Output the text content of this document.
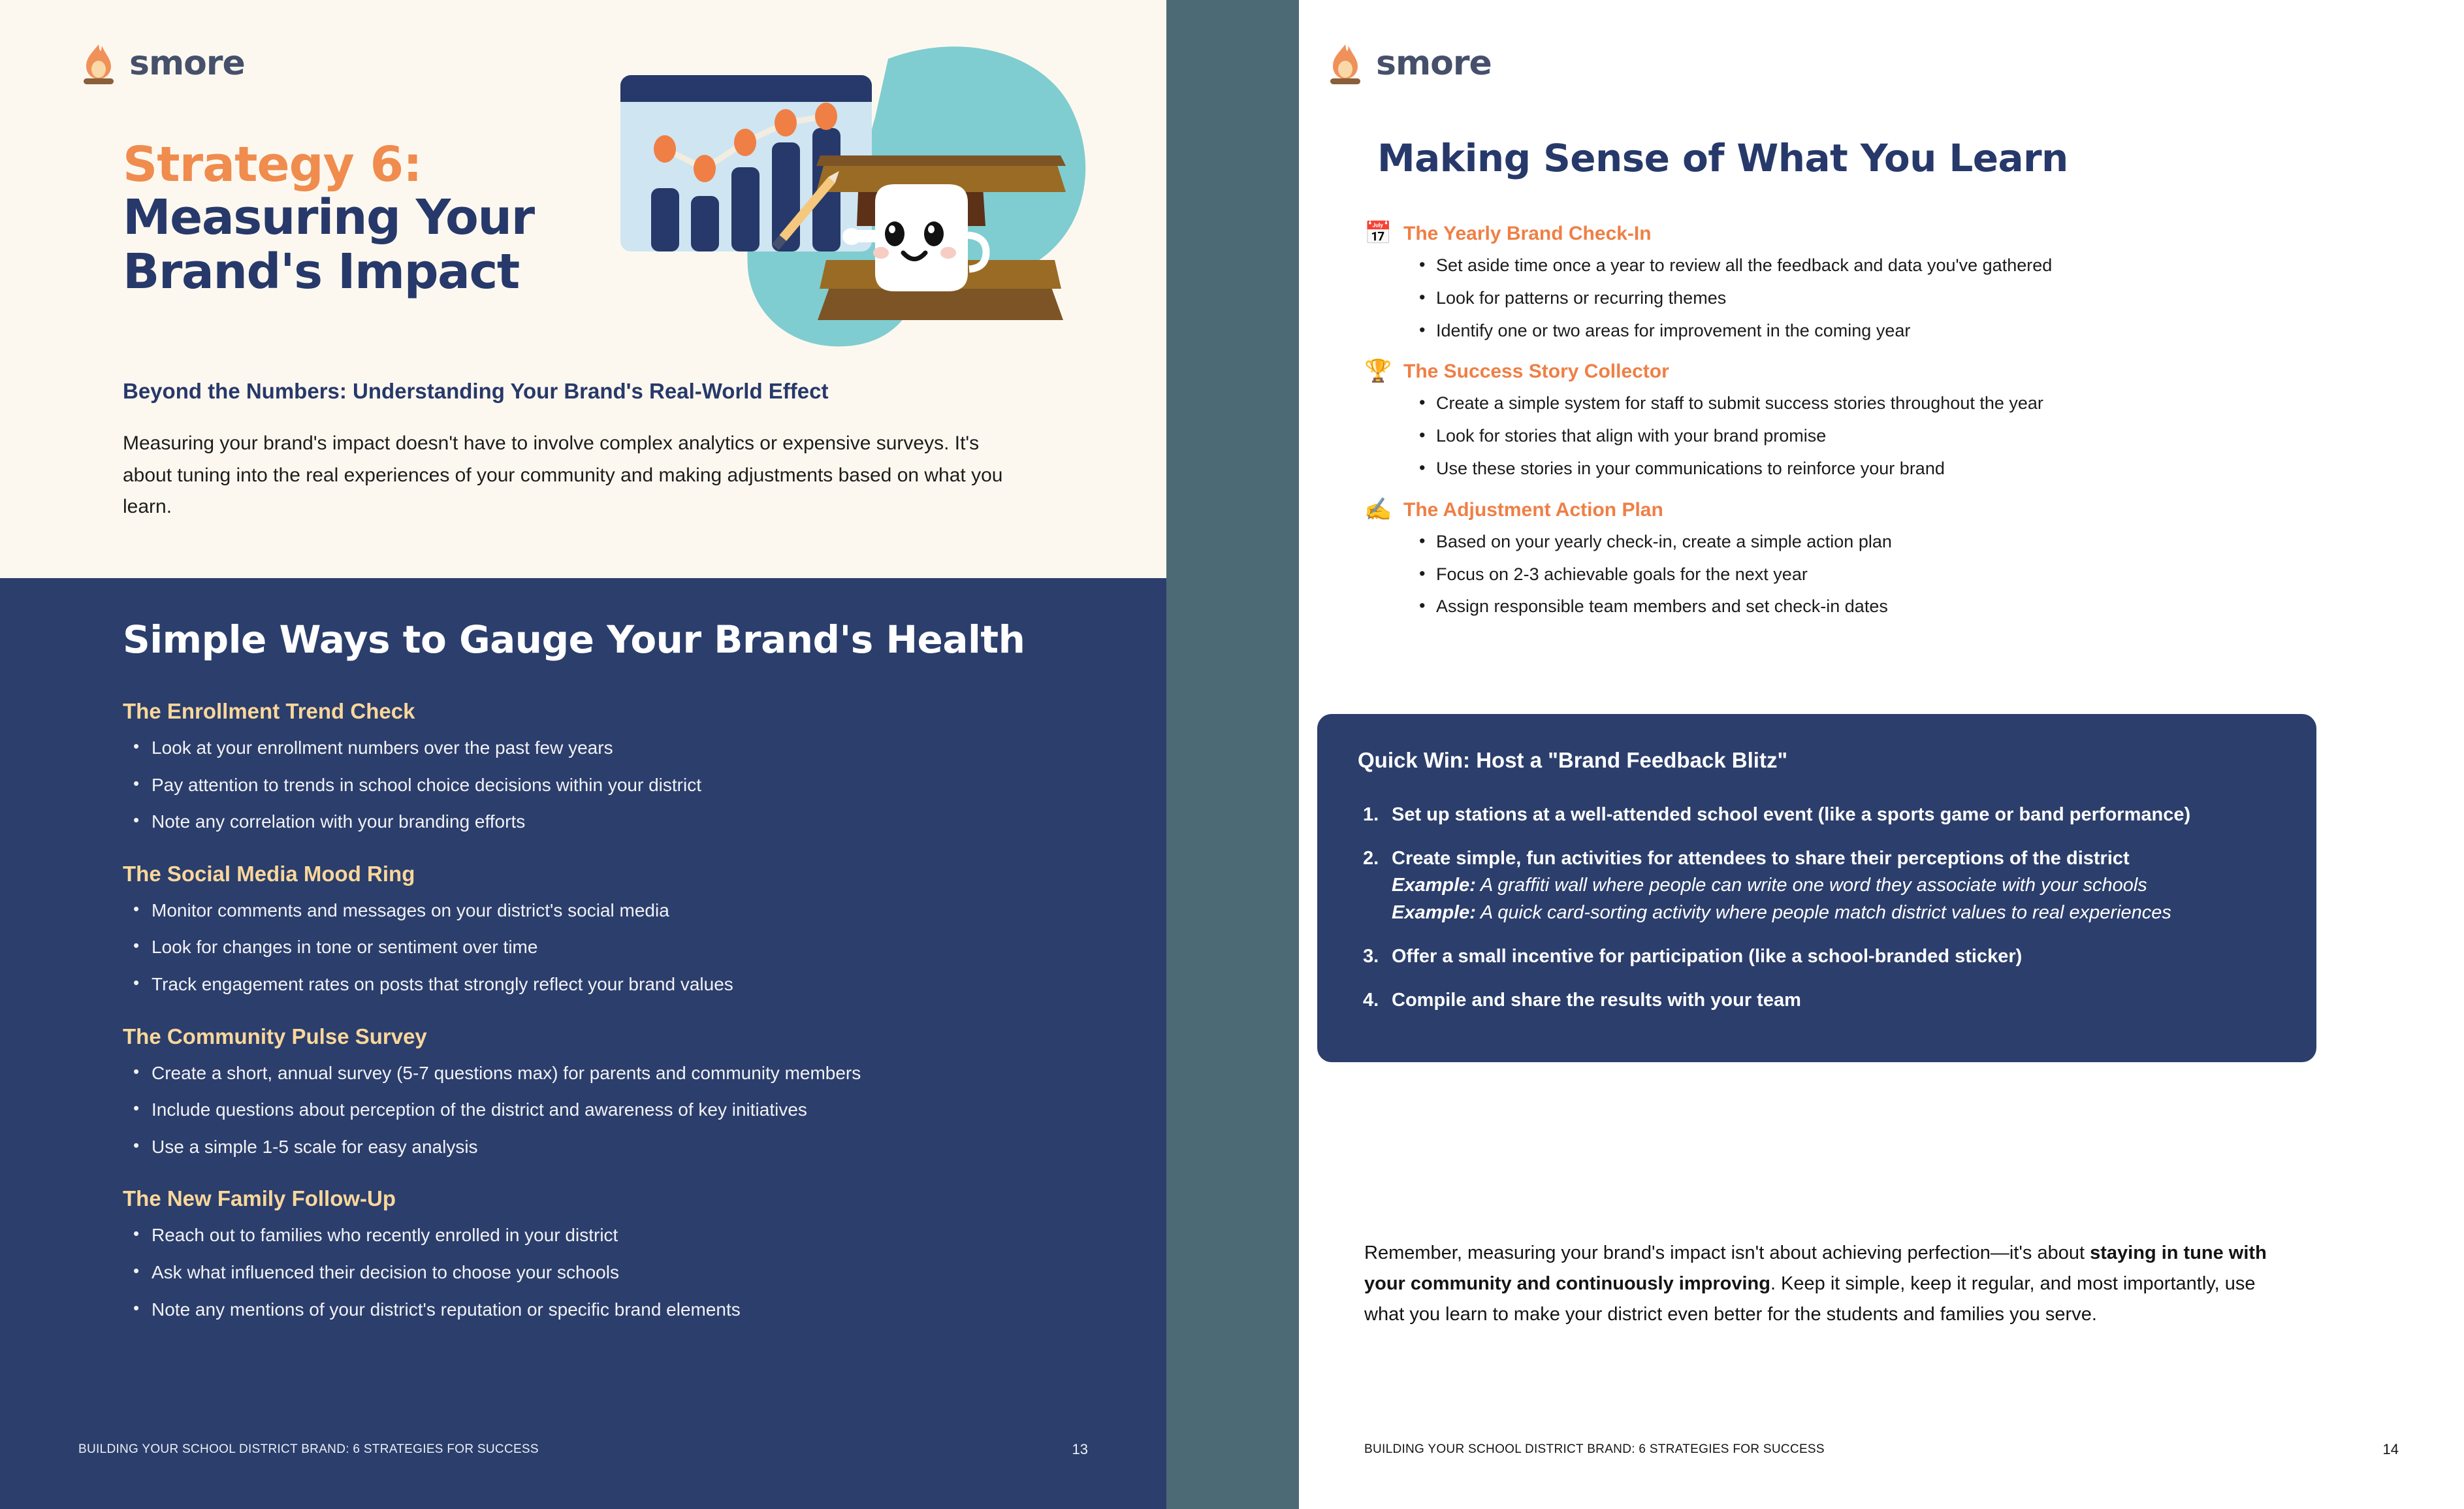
smore
Strategy 6:
Measuring Your
Brand's Impact
Beyond the Numbers: Understanding Your Brand's Real-World Effect
Measuring your brand's impact doesn't have to involve complex analytics or expensive surveys. It's about tuning into the real experiences of your community and making adjustments based on what you learn.
Simple Ways to Gauge Your Brand's Health
The Enrollment Trend Check
• Look at your enrollment numbers over the past few years
• Pay attention to trends in school choice decisions within your district
• Note any correlation with your branding efforts
The Social Media Mood Ring
• Monitor comments and messages on your district's social media
• Look for changes in tone or sentiment over time
• Track engagement rates on posts that strongly reflect your brand values
The Community Pulse Survey
• Create a short, annual survey (5-7 questions max) for parents and community members
• Include questions about perception of the district and awareness of key initiatives
• Use a simple 1-5 scale for easy analysis
The New Family Follow-Up
• Reach out to families who recently enrolled in your district
• Ask what influenced their decision to choose your schools
• Note any mentions of your district's reputation or specific brand elements
BUILDING YOUR SCHOOL DISTRICT BRAND: 6 STRATEGIES FOR SUCCESS	13
smore
Making Sense of What You Learn
📅 The Yearly Brand Check-In
• Set aside time once a year to review all the feedback and data you've gathered
• Look for patterns or recurring themes
• Identify one or two areas for improvement in the coming year
🏆 The Success Story Collector
• Create a simple system for staff to submit success stories throughout the year
• Look for stories that align with your brand promise
• Use these stories in your communications to reinforce your brand
✍️ The Adjustment Action Plan
• Based on your yearly check-in, create a simple action plan
• Focus on 2-3 achievable goals for the next year
• Assign responsible team members and set check-in dates
Quick Win: Host a "Brand Feedback Blitz"
Set up stations at a well-attended school event (like a sports game or band performance)
Create simple, fun activities for attendees to share their perceptions of the district
Example: A graffiti wall where people can write one word they associate with your schools
Example: A quick card-sorting activity where people match district values to real experiences
Offer a small incentive for participation (like a school-branded sticker)
Compile and share the results with your team
Remember, measuring your brand's impact isn't about achieving perfection—it's about staying in tune with your community and continuously improving. Keep it simple, keep it regular, and most importantly, use what you learn to make your district even better for the students and families you serve.
BUILDING YOUR SCHOOL DISTRICT BRAND: 6 STRATEGIES FOR SUCCESS	14
